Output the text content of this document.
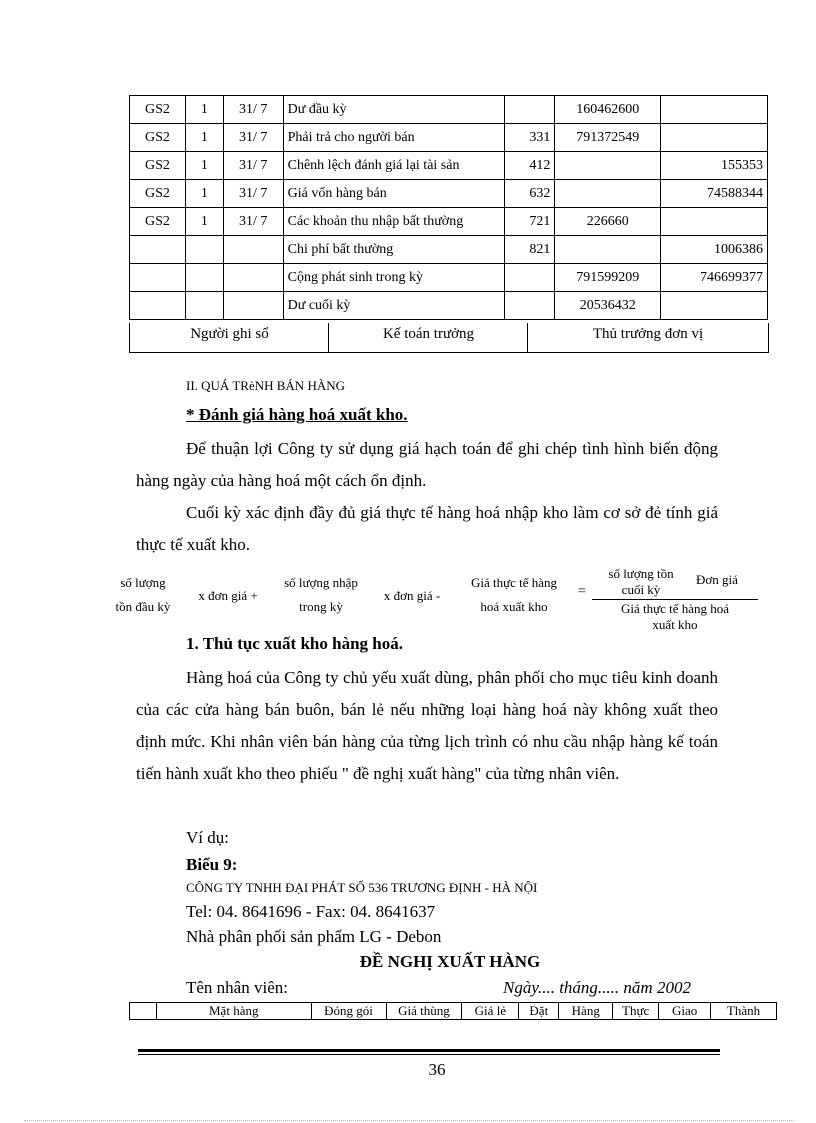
GS2	1	31/ 7	Dư đầu kỳ		160462600	
GS2	1	31/ 7	Phải trả cho người bán	331	791372549	
GS2	1	31/ 7	Chênh lệch đánh giá lại tài sản	412		155353
GS2	1	31/ 7	Giá vốn hàng bán	632		74588344
GS2	1	31/ 7	Các khoản thu nhập bất thường	721	226660	
			Chi phí bất thường	821		1006386
			Cộng phát sinh trong kỳ		791599209	746699377
			Dư cuối kỳ		20536432	
Người ghi sổ	Kế toán trưởng	Thủ trưởng đơn vị
II. QUÁ TRèNH BÁN HÀNG
* Đánh giá hàng hoá xuất kho.
Để thuận lợi Công ty sử dụng giá hạch toán để ghi chép tình hình biến động hàng ngày của hàng hoá một cách ổn định.
Cuối kỳ xác định đầy đủ giá thực tế hàng hoá nhập kho làm cơ sở đẻ tính giá thực tế xuất kho.
số lượng
tồn đầu kỳ
x đơn giá +
số lượng nhập
trong kỳ
x đơn giá -
Giá thực tế hàng
hoá xuất kho
=
số lượng tồn
cuối kỳ
Đơn giá
Giá thực tế hàng hoá
xuất kho
1. Thủ tục xuất kho hàng hoá.
Hàng hoá của Công ty chủ yếu xuất dùng, phân phối cho mục tiêu kinh doanh của các cửa hàng bán buôn, bán lẻ nếu những loại hàng hoá này không xuất theo định mức. Khi nhân viên bán hàng của từng lịch trình có nhu cầu nhập hàng kế toán tiến hành xuất kho theo phiếu " đề nghị xuất hàng" của từng nhân viên.
Ví dụ:
Biểu 9:
CÔNG TY TNHH ĐẠI PHÁT SỐ 536 TRƯƠNG ĐỊNH - HÀ NỘI
Tel: 04. 8641696 - Fax: 04. 8641637
Nhà phân phối sản phẩm LG - Debon
ĐỀ NGHỊ XUẤT HÀNG
Tên nhân viên:	Ngày.... tháng..... năm 2002
	Mặt hàng	Đóng gói	Giá thùng	Giá lẻ	Đặt	Hàng	Thực	Giao	Thành
36
